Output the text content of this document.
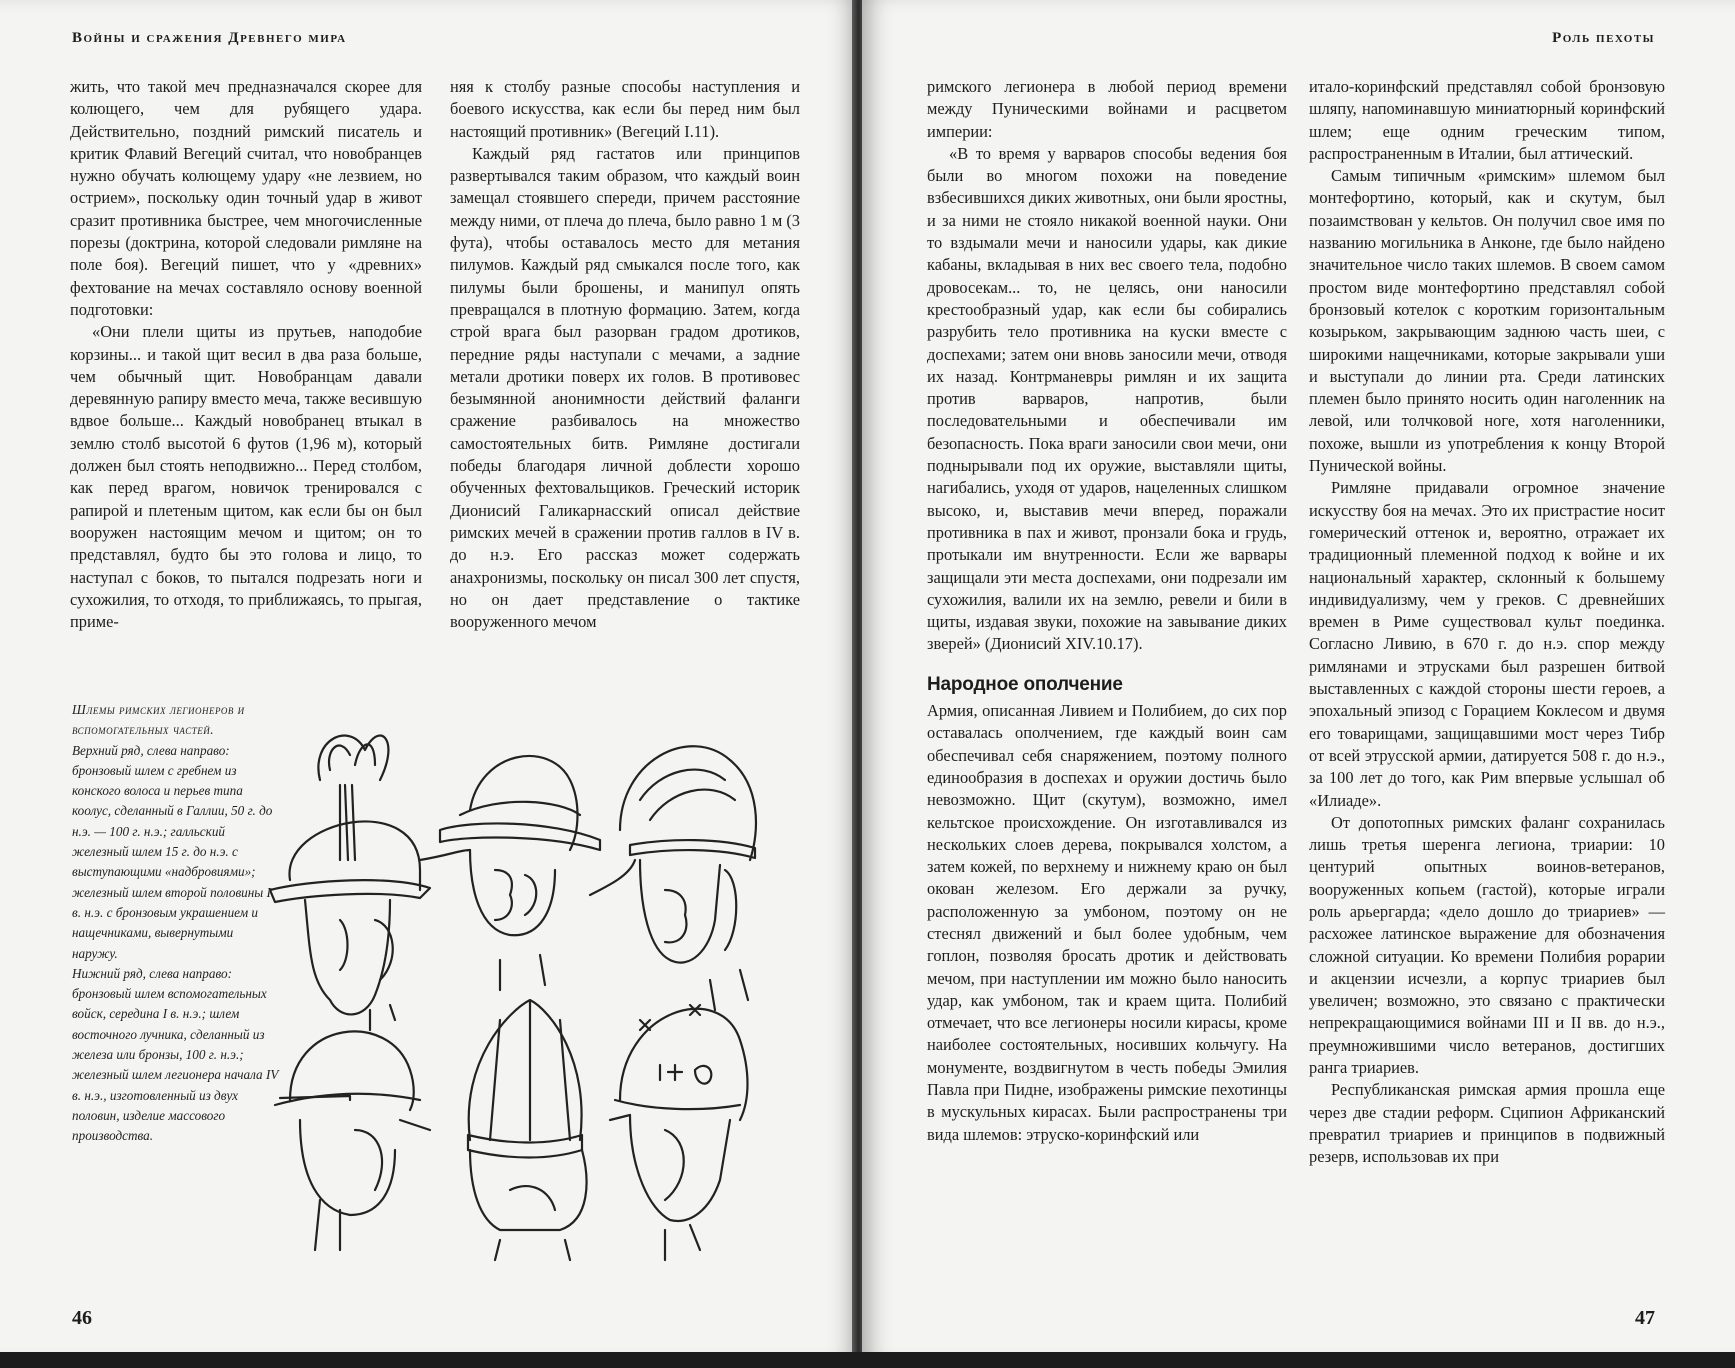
Войны и сражения Древнего мира

жить, что такой меч предназначался скорее для колющего, чем для рубящего удара. Действительно, поздний римский писатель и критик Флавий Вегеций считал, что новобранцев нужно обучать колющему удару «не лезвием, но острием», поскольку один точный удар в живот сразит противника быстрее, чем многочисленные порезы (доктрина, которой следовали римляне на поле боя). Вегеций пишет, что у «древних» фехтование на мечах составляло основу военной подготовки:

«Они плели щиты из прутьев, наподобие корзины... и такой щит весил в два раза больше, чем обычный щит. Новобранцам давали деревянную рапиру вместо меча, также весившую вдвое больше... Каждый новобранец втыкал в землю столб высотой 6 футов (1,96 м), который должен был стоять неподвижно... Перед столбом, как перед врагом, новичок тренировался с рапирой и плетеным щитом, как если бы он был вооружен настоящим мечом и щитом; он то представлял, будто бы это голова и лицо, то наступал с боков, то пытался подрезать ноги и сухожилия, то отходя, то приближаясь, то прыгая, приме-

няя к столбу разные способы наступления и боевого искусства, как если бы перед ним был настоящий противник» (Вегеций I.11).

Каждый ряд гастатов или принципов развертывался таким образом, что каждый воин замещал стоявшего спереди, причем расстояние между ними, от плеча до плеча, было равно 1 м (3 фута), чтобы оставалось место для метания пилумов. Каждый ряд смыкался после того, как пилумы были брошены, и манипул опять превращался в плотную формацию. Затем, когда строй врага был разорван градом дротиков, передние ряды наступали с мечами, а задние метали дротики поверх их голов. В противовес безымянной анонимности действий фаланги сражение разбивалось на множество самостоятельных битв. Римляне достигали победы благодаря личной доблести хорошо обученных фехтовальщиков. Греческий историк Дионисий Галикарнасский описал действие римских мечей в сражении против галлов в IV в. до н.э. Его рассказ может содержать анахронизмы, поскольку он писал 300 лет спустя, но он дает представление о тактике вооруженного мечом

Шлемы римских легионеров и вспомогательных частей.

Верхний ряд, слева направо: бронзовый шлем с гребнем из конского волоса и перьев типа коолус, сделанный в Галлии, 50 г. до н.э. — 100 г. н.э.; галльский железный шлем 15 г. до н.э. с выступающими «надбровиями»; железный шлем второй половины I в. н.э. с бронзовым украшением и нащечниками, вывернутыми наружу.

Нижний ряд, слева направо: бронзовый шлем вспомогательных войск, середина I в. н.э.; шлем восточного лучника, сделанный из железа или бронзы, 100 г. н.э.; железный шлем легионера начала IV в. н.э., изготовленный из двух половин, изделие массового производства.

46
Роль пехоты

римского легионера в любой период времени между Пуническими войнами и расцветом империи:

«В то время у варваров способы ведения боя были во многом похожи на поведение взбесившихся диких животных, они были яростны, и за ними не стояло никакой военной науки. Они то вздымали мечи и наносили удары, как дикие кабаны, вкладывая в них вес своего тела, подобно дровосекам... то, не целясь, они наносили крестообразный удар, как если бы собирались разрубить тело противника на куски вместе с доспехами; затем они вновь заносили мечи, отводя их назад. Контрманевры римлян и их защита против варваров, напротив, были последовательными и обеспечивали им безопасность. Пока враги заносили свои мечи, они поднырывали под их оружие, выставляли щиты, нагибались, уходя от ударов, нацеленных слишком высоко, и, выставив мечи вперед, поражали противника в пах и живот, пронзали бока и грудь, протыкали им внутренности. Если же варвары защищали эти места доспехами, они подрезали им сухожилия, валили их на землю, ревели и били в щиты, издавая звуки, похожие на завывание диких зверей» (Дионисий XIV.10.17).

Народное ополчение

Армия, описанная Ливием и Полибием, до сих пор оставалась ополчением, где каждый воин сам обеспечивал себя снаряжением, поэтому полного единообразия в доспехах и оружии достичь было невозможно. Щит (скутум), возможно, имел кельтское происхождение. Он изготавливался из нескольких слоев дерева, покрывался холстом, а затем кожей, по верхнему и нижнему краю он был окован железом. Его держали за ручку, расположенную за умбоном, поэтому он не стеснял движений и был более удобным, чем гоплон, позволяя бросать дротик и действовать мечом, при наступлении им можно было наносить удар, как умбоном, так и краем щита. Полибий отмечает, что все легионеры носили кирасы, кроме наиболее состоятельных, носивших кольчугу. На монументе, воздвигнутом в честь победы Эмилия Павла при Пидне, изображены римские пехотинцы в мускульных кирасах. Были распространены три вида шлемов: этруско-коринфский или

итало-коринфский представлял собой бронзовую шляпу, напоминавшую миниатюрный коринфский шлем; еще одним греческим типом, распространенным в Италии, был аттический.

Самым типичным «римским» шлемом был монтефортино, который, как и скутум, был позаимствован у кельтов. Он получил свое имя по названию могильника в Анконе, где было найдено значительное число таких шлемов. В своем самом простом виде монтефортино представлял собой бронзовый котелок с коротким горизонтальным козырьком, закрывающим заднюю часть шеи, с широкими нащечниками, которые закрывали уши и выступали до линии рта. Среди латинских племен было принято носить один наголенник на левой, или толчковой ноге, хотя наголенники, похоже, вышли из употребления к концу Второй Пунической войны.

Римляне придавали огромное значение искусству боя на мечах. Это их пристрастие носит гомерический оттенок и, вероятно, отражает их традиционный племенной подход к войне и их национальный характер, склонный к большему индивидуализму, чем у греков. С древнейших времен в Риме существовал культ поединка. Согласно Ливию, в 670 г. до н.э. спор между римлянами и этрусками был разрешен битвой выставленных с каждой стороны шести героев, а эпохальный эпизод с Горацием Коклесом и двумя его товарищами, защищавшими мост через Тибр от всей этрусской армии, датируется 508 г. до н.э., за 100 лет до того, как Рим впервые услышал об «Илиаде».

От допотопных римских фаланг сохранилась лишь третья шеренга легиона, триарии: 10 центурий опытных воинов-ветеранов, вооруженных копьем (гастой), которые играли роль арьергарда; «дело дошло до триариев» — расхожее латинское выражение для обозначения сложной ситуации. Ко времени Полибия рорарии и акцензии исчезли, а корпус триариев был увеличен; возможно, это связано с практически непрекращающимися войнами III и II вв. до н.э., преумножившими число ветеранов, достигших ранга триариев.

Республиканская римская армия прошла еще через две стадии реформ. Сципион Африканский превратил триариев и принципов в подвижный резерв, использовав их при

47
